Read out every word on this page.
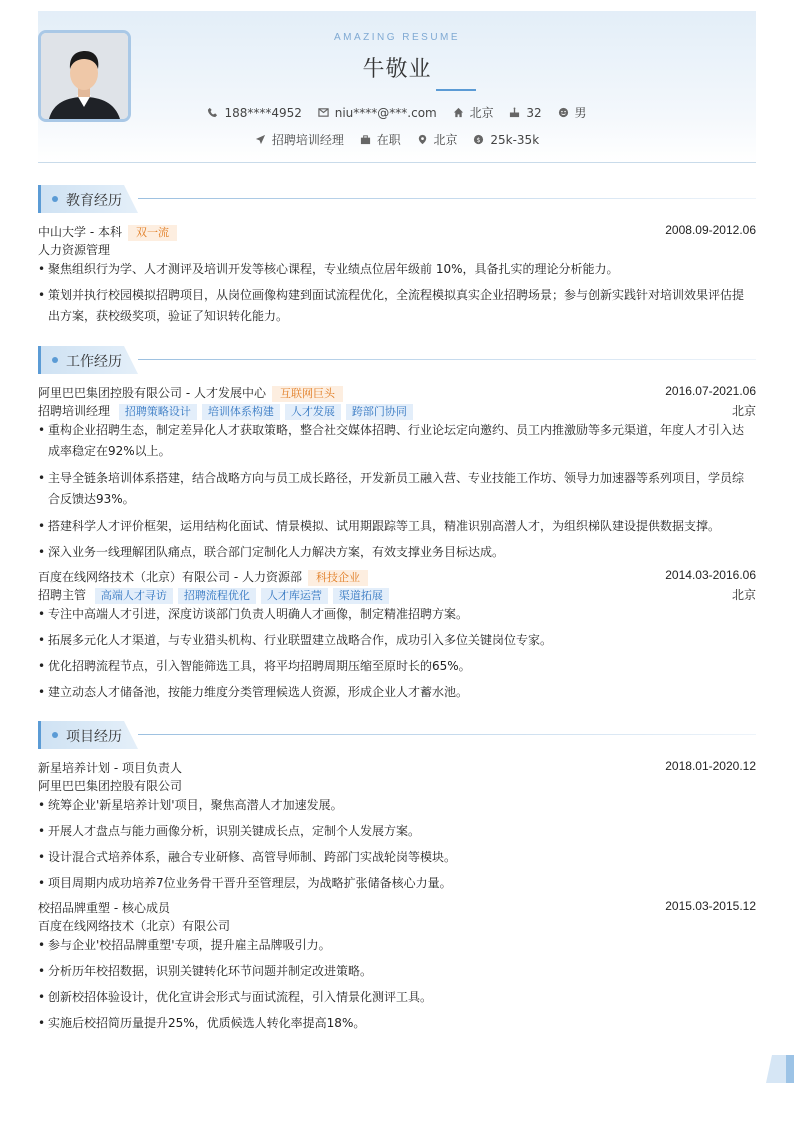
AMAZING RESUME
牛敬业
188****4952	niu****@***.com	北京	32	男
招聘培训经理	在职	北京	$ 25k-35k
教育经历
中山大学 - 本科 双一流	2008.09-2012.06
人力资源管理
• 聚焦组织行为学、人才测评及培训开发等核心课程，专业绩点位居年级前 10%，具备扎实的理论分析能力。
• 策划并执行校园模拟招聘项目，从岗位画像构建到面试流程优化，全流程模拟真实企业招聘场景；参与创新实践针对培训效果评估提
出方案，获校级奖项，验证了知识转化能力。
工作经历
阿里巴巴集团控股有限公司 - 人才发展中心 互联网巨头	2016.07-2021.06
招聘培训经理 招聘策略设计 培训体系构建 人才发展 跨部门协同	北京
• 重构企业招聘生态，制定差异化人才获取策略，整合社交媒体招聘、行业论坛定向邀约、员工内推激励等多元渠道，年度人才引入达
成率稳定在92%以上。
• 主导全链条培训体系搭建，结合战略方向与员工成长路径，开发新员工融入营、专业技能工作坊、领导力加速器等系列项目，学员综
合反馈达93%。
• 搭建科学人才评价框架，运用结构化面试、情景模拟、试用期跟踪等工具，精准识别高潜人才，为组织梯队建设提供数据支撑。
• 深入业务一线理解团队痛点，联合部门定制化人力解决方案，有效支撑业务目标达成。
百度在线网络技术（北京）有限公司 - 人力资源部 科技企业	2014.03-2016.06
招聘主管 高端人才寻访 招聘流程优化 人才库运营 渠道拓展	北京
• 专注中高端人才引进，深度访谈部门负责人明确人才画像，制定精准招聘方案。
• 拓展多元化人才渠道，与专业猎头机构、行业联盟建立战略合作，成功引入多位关键岗位专家。
• 优化招聘流程节点，引入智能筛选工具，将平均招聘周期压缩至原时长的65%。
• 建立动态人才储备池，按能力维度分类管理候选人资源，形成企业人才蓄水池。
项目经历
新星培养计划 - 项目负责人	2018.01-2020.12
阿里巴巴集团控股有限公司
• 统筹企业'新星培养计划'项目，聚焦高潜人才加速发展。
• 开展人才盘点与能力画像分析，识别关键成长点，定制个人发展方案。
• 设计混合式培养体系，融合专业研修、高管导师制、跨部门实战轮岗等模块。
• 项目周期内成功培养7位业务骨干晋升至管理层，为战略扩张储备核心力量。
校招品牌重塑 - 核心成员	2015.03-2015.12
百度在线网络技术（北京）有限公司
• 参与企业'校招品牌重塑'专项，提升雇主品牌吸引力。
• 分析历年校招数据，识别关键转化环节问题并制定改进策略。
• 创新校招体验设计，优化宣讲会形式与面试流程，引入情景化测评工具。
• 实施后校招简历量提升25%，优质候选人转化率提高18%。
